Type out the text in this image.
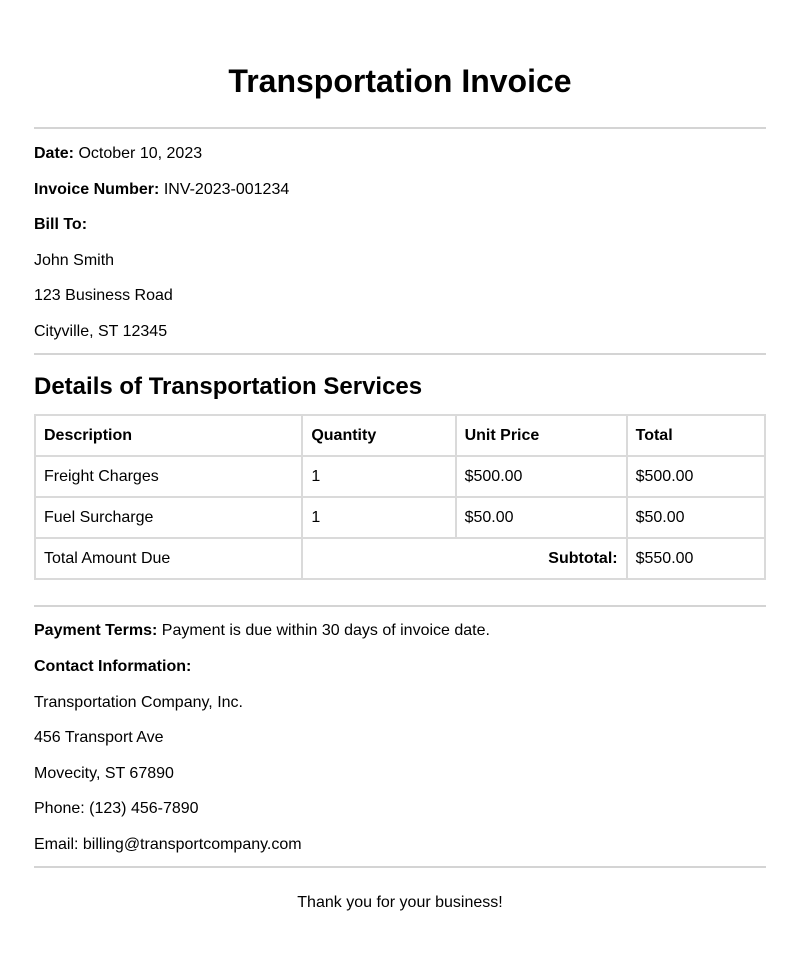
Transportation Invoice
Date: October 10, 2023
Invoice Number: INV-2023-001234
Bill To:
John Smith
123 Business Road
Cityville, ST 12345
Details of Transportation Services
Description	Quantity	Unit Price	Total
Freight Charges	1	$500.00	$500.00
Fuel Surcharge	1	$50.00	$50.00
Total Amount Due	Subtotal:		$550.00
Payment Terms: Payment is due within 30 days of invoice date.
Contact Information:
Transportation Company, Inc.
456 Transport Ave
Movecity, ST 67890
Phone: (123) 456-7890
Email: billing@transportcompany.com
Thank you for your business!
